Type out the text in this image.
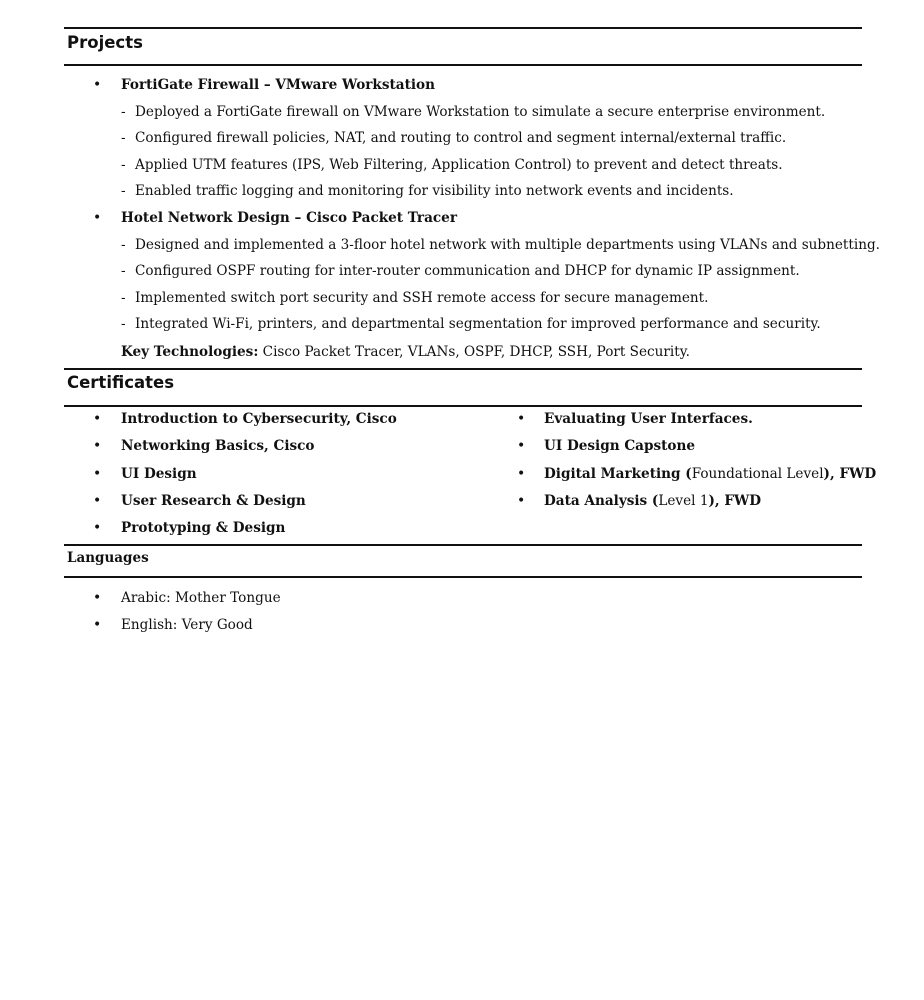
Projects
• FortiGate Firewall – VMware Workstation
- Deployed a FortiGate firewall on VMware Workstation to simulate a secure enterprise environment.
- Configured firewall policies, NAT, and routing to control and segment internal/external traffic.
- Applied UTM features (IPS, Web Filtering, Application Control) to prevent and detect threats.
- Enabled traffic logging and monitoring for visibility into network events and incidents.
• Hotel Network Design – Cisco Packet Tracer
- Designed and implemented a 3-floor hotel network with multiple departments using VLANs and subnetting.
- Configured OSPF routing for inter-router communication and DHCP for dynamic IP assignment.
- Implemented switch port security and SSH remote access for secure management.
- Integrated Wi-Fi, printers, and departmental segmentation for improved performance and security.
Key Technologies: Cisco Packet Tracer, VLANs, OSPF, DHCP, SSH, Port Security.
Certificates
• Introduction to Cybersecurity, Cisco
• Networking Basics, Cisco
• UI Design
• User Research & Design
• Prototyping & Design
• Evaluating User Interfaces.
• UI Design Capstone
• Digital Marketing (Foundational Level), FWD
• Data Analysis (Level 1), FWD
Languages
• Arabic: Mother Tongue
• English: Very Good
